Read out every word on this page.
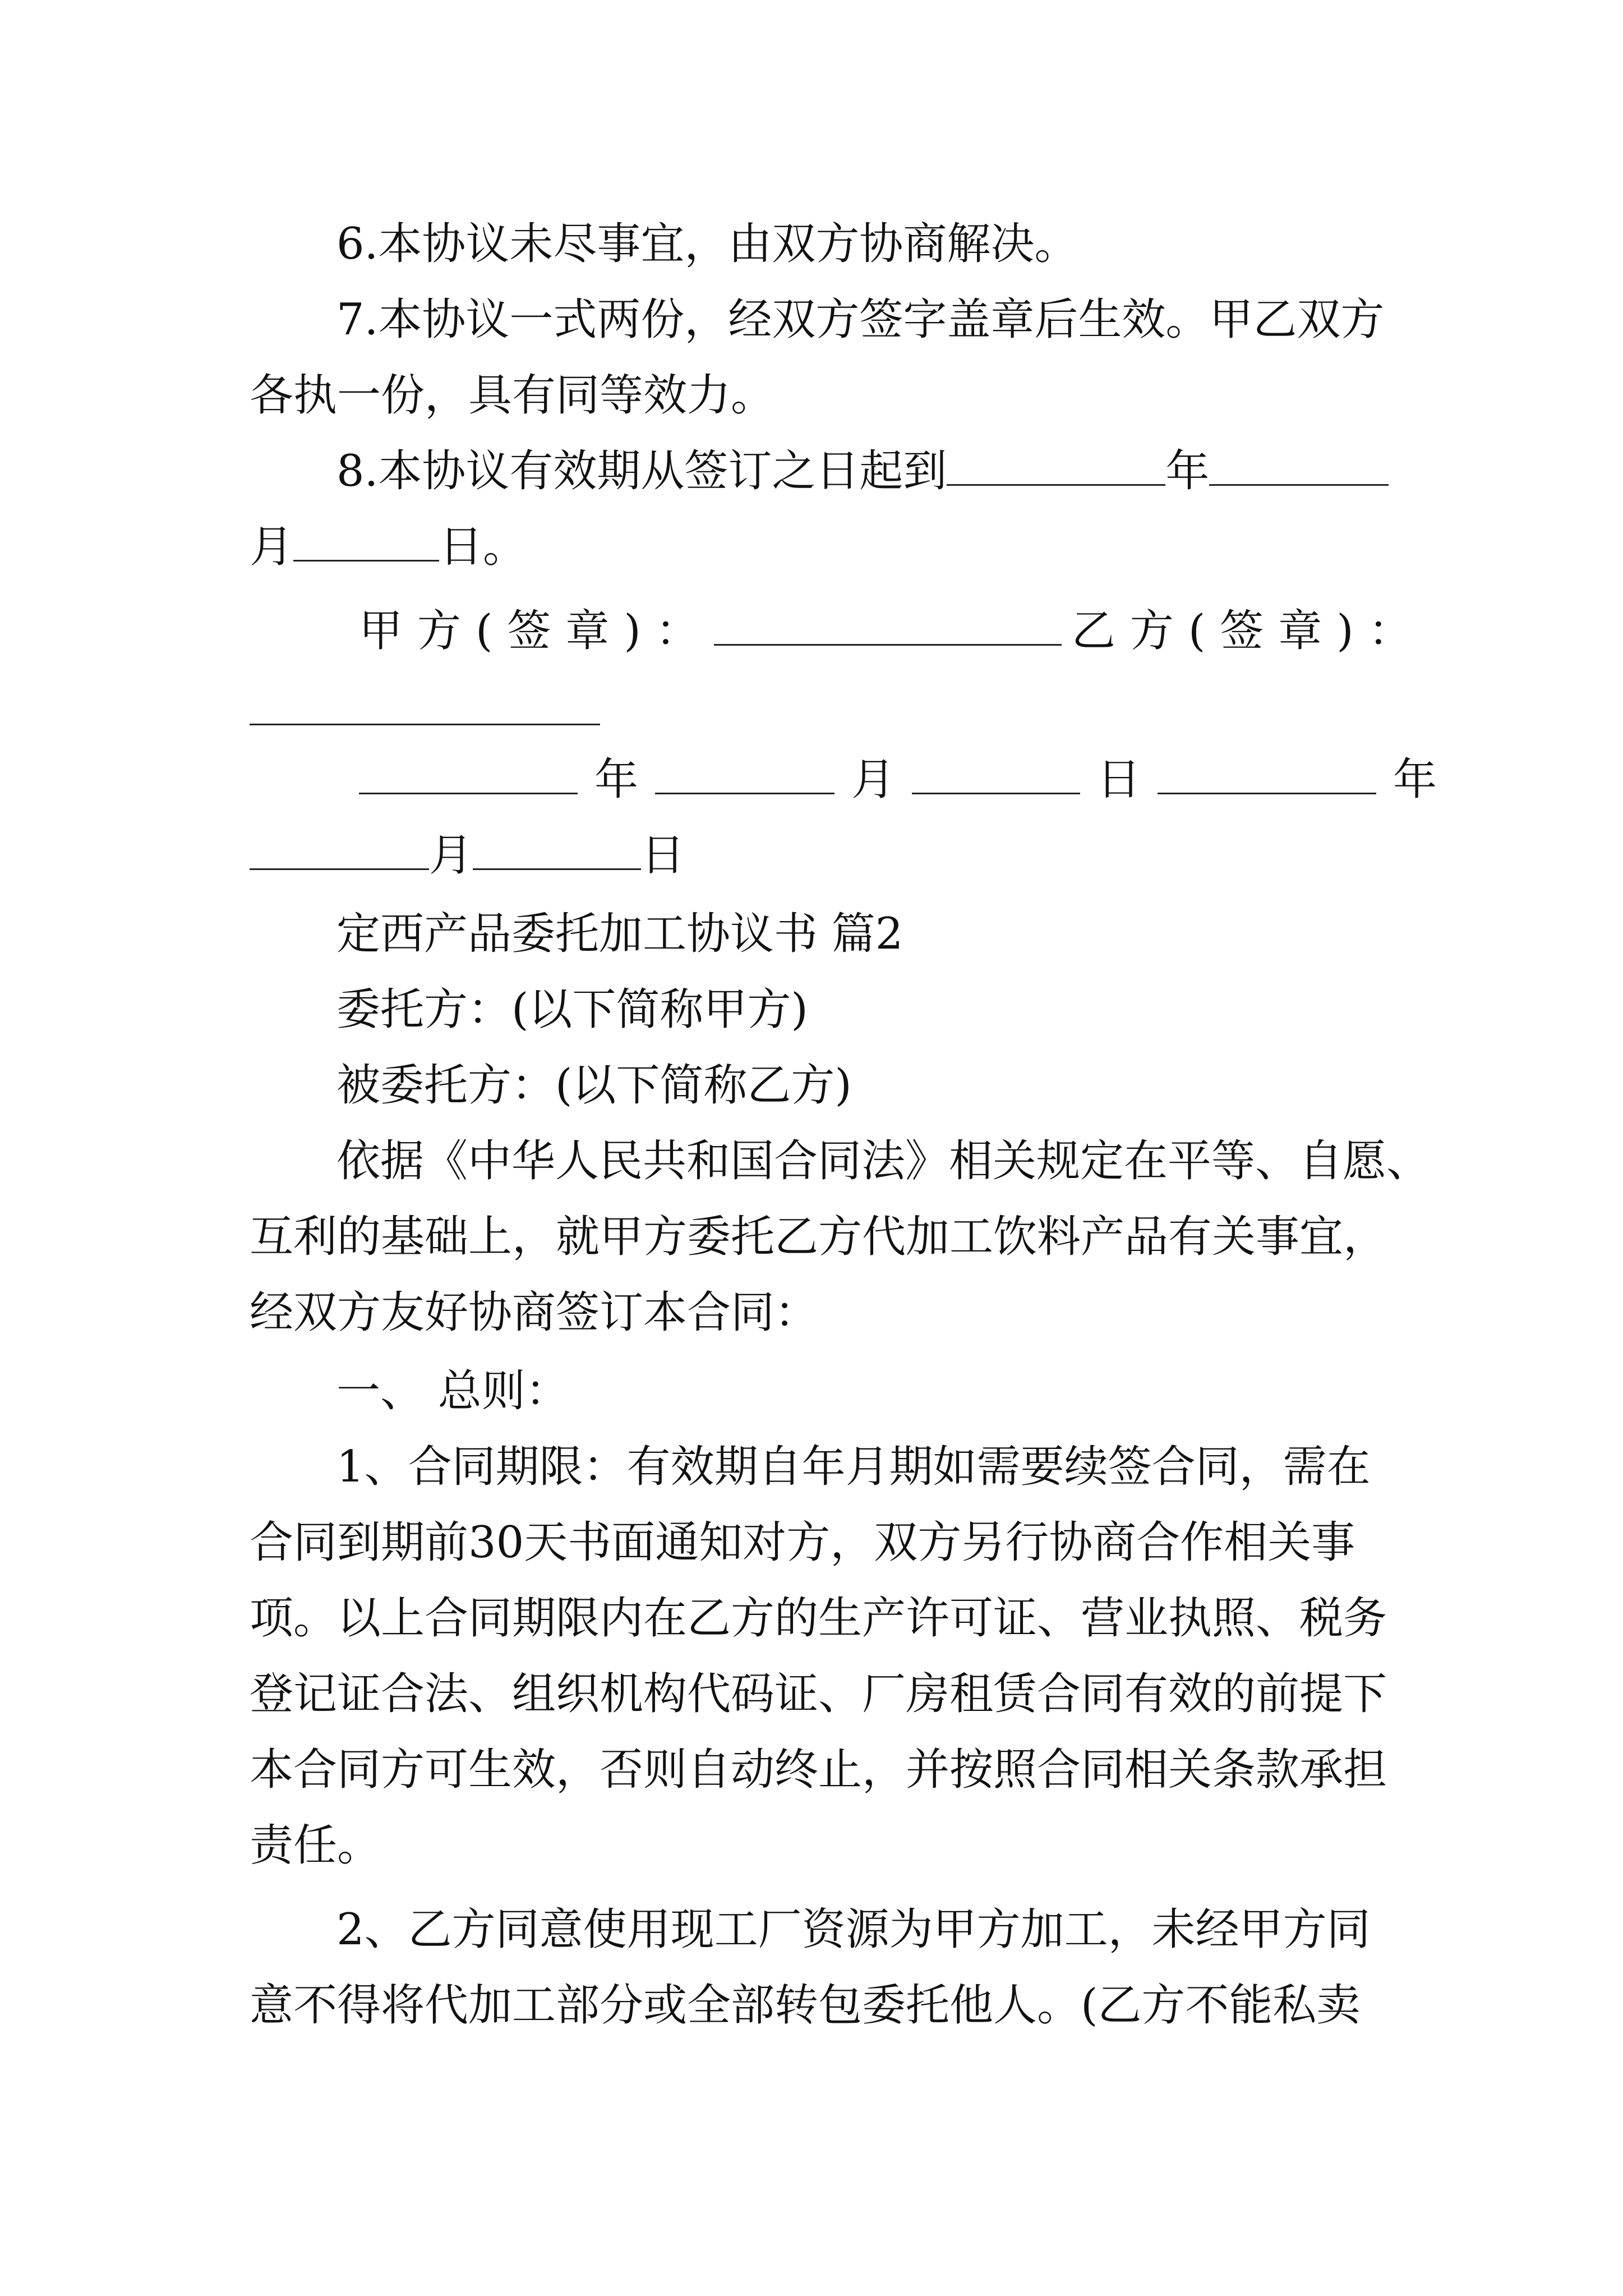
6.本协议未尽事宜，由双方协商解决。
7.本协议一式两份，经双方签字盖章后生效。甲乙双方
各执一份，具有同等效力。
8.本协议有效期从签订之日起到	年
月	日。
甲方(签章)：	乙方(签章)：
年	月	日	年
月	日
定西产品委托加工协议书 篇2
委托方：(以下简称甲方)
被委托方：(以下简称乙方)
依据《中华人民共和国合同法》相关规定在平等、自愿、
互利的基础上，就甲方委托乙方代加工饮料产品有关事宜，
经双方友好协商签订本合同：
一、 总则：
1、合同期限：有效期自年月期如需要续签合同，需在
合同到期前30天书面通知对方，双方另行协商合作相关事
项。以上合同期限内在乙方的生产许可证、营业执照、税务
登记证合法、组织机构代码证、厂房租赁合同有效的前提下
本合同方可生效，否则自动终止，并按照合同相关条款承担
责任。
2、乙方同意使用现工厂资源为甲方加工，未经甲方同
意不得将代加工部分或全部转包委托他人。(乙方不能私卖
